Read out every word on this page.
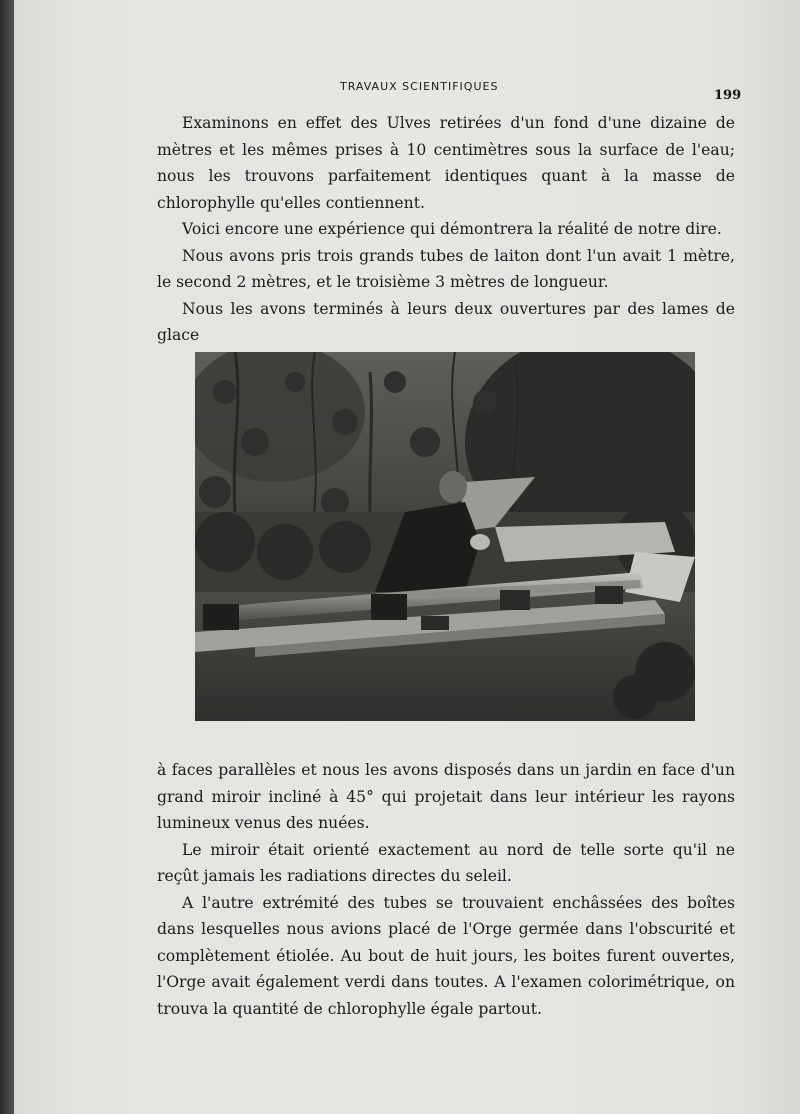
TRAVAUX SCIENTIFIQUES
199

Examinons en effet des Ulves retirées d'un fond d'une dizaine de mètres et les mêmes prises à 10 centimètres sous la surface de l'eau; nous les trouvons parfaitement identiques quant à la masse de chlorophylle qu'elles contiennent.

Voici encore une expérience qui démontrera la réalité de notre dire.

Nous avons pris trois grands tubes de laiton dont l'un avait 1 mètre, le second 2 mètres, et le troisième 3 mètres de longueur.

Nous les avons terminés à leurs deux ouvertures par des lames de glace

à faces parallèles et nous les avons disposés dans un jardin en face d'un grand miroir incliné à 45° qui projetait dans leur intérieur les rayons lumineux venus des nuées.

Le miroir était orienté exactement au nord de telle sorte qu'il ne reçût jamais les radiations directes du seleil.

A l'autre extrémité des tubes se trouvaient enchâssées des boîtes dans lesquelles nous avions placé de l'Orge germée dans l'obscurité et complètement étiolée. Au bout de huit jours, les boites furent ouvertes, l'Orge avait également verdi dans toutes. A l'examen colorimétrique, on trouva la quantité de chlorophylle égale partout.
